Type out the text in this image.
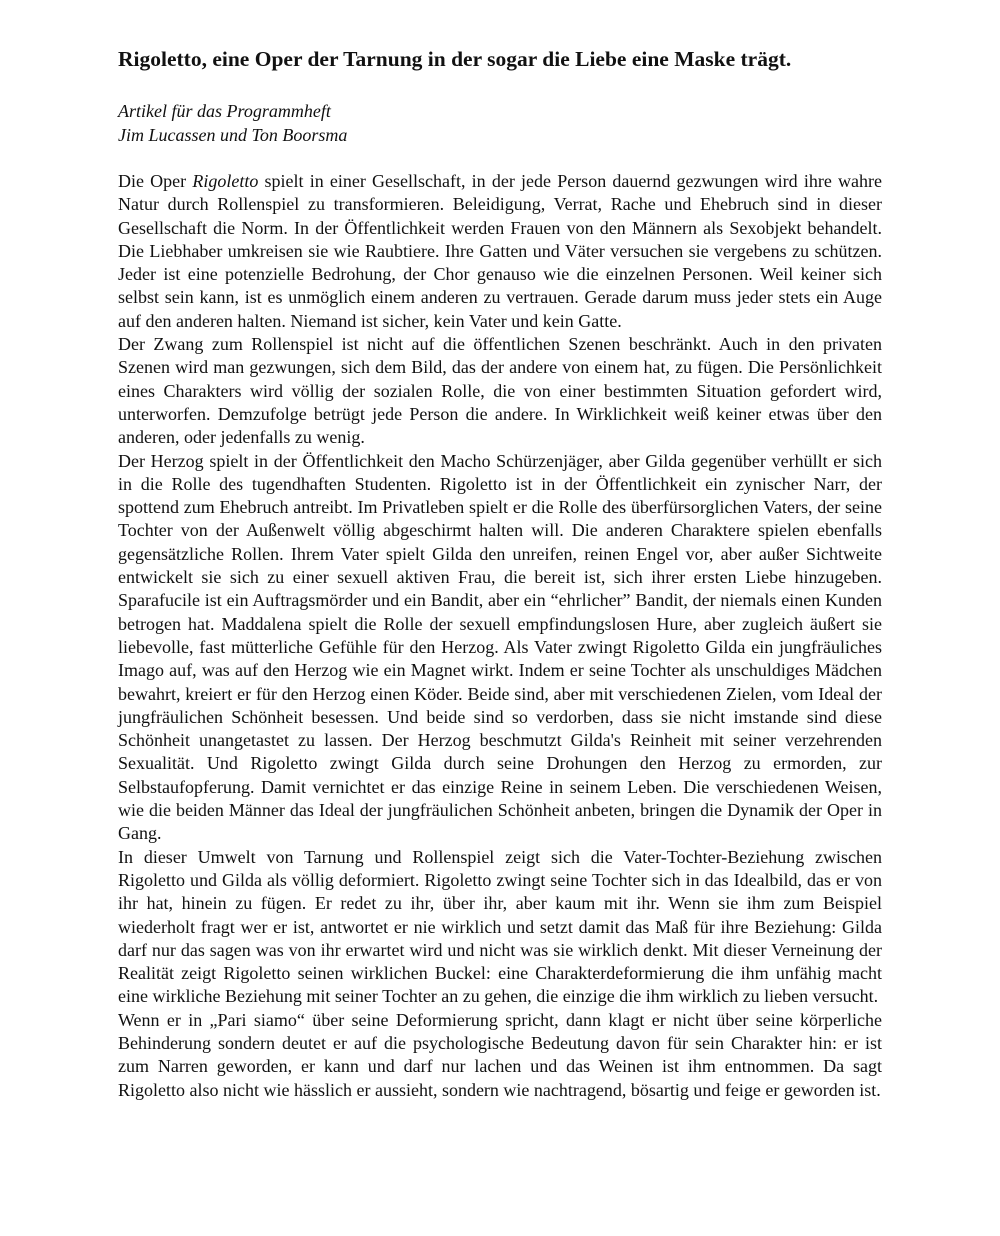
Rigoletto, eine Oper der Tarnung in der sogar die Liebe eine Maske trägt.
Artikel für das Programmheft
Jim Lucassen und Ton Boorsma

Die Oper Rigoletto spielt in einer Gesellschaft, in der jede Person dauernd gezwungen wird ihre wahre Natur durch Rollenspiel zu transformieren. Beleidigung, Verrat, Rache und Ehebruch sind in dieser Gesellschaft die Norm. In der Öffentlichkeit werden Frauen von den Männern als Sexobjekt behandelt. Die Liebhaber umkreisen sie wie Raubtiere. Ihre Gatten und Väter versuchen sie vergebens zu schützen. Jeder ist eine potenzielle Bedrohung, der Chor genauso wie die einzelnen Personen. Weil keiner sich selbst sein kann, ist es unmöglich einem anderen zu vertrauen. Gerade darum muss jeder stets ein Auge auf den anderen halten. Niemand ist sicher, kein Vater und kein Gatte.

Der Zwang zum Rollenspiel ist nicht auf die öffentlichen Szenen beschränkt. Auch in den privaten Szenen wird man gezwungen, sich dem Bild, das der andere von einem hat, zu fügen. Die Persönlichkeit eines Charakters wird völlig der sozialen Rolle, die von einer bestimmten Situation gefordert wird, unterworfen. Demzufolge betrügt jede Person die andere. In Wirklichkeit weiß keiner etwas über den anderen, oder jedenfalls zu wenig.

Der Herzog spielt in der Öffentlichkeit den Macho Schürzenjäger, aber Gilda gegenüber verhüllt er sich in die Rolle des tugendhaften Studenten. Rigoletto ist in der Öffentlichkeit ein zynischer Narr, der spottend zum Ehebruch antreibt. Im Privatleben spielt er die Rolle des überfürsorglichen Vaters, der seine Tochter von der Außenwelt völlig abgeschirmt halten will. Die anderen Charaktere spielen ebenfalls gegensätzliche Rollen. Ihrem Vater spielt Gilda den unreifen, reinen Engel vor, aber außer Sichtweite entwickelt sie sich zu einer sexuell aktiven Frau, die bereit ist, sich ihrer ersten Liebe hinzugeben. Sparafucile ist ein Auftragsmörder und ein Bandit, aber ein “ehrlicher” Bandit, der niemals einen Kunden betrogen hat. Maddalena spielt die Rolle der sexuell empfindungslosen Hure, aber zugleich äußert sie liebevolle, fast mütterliche Gefühle für den Herzog. Als Vater zwingt Rigoletto Gilda ein jungfräuliches Imago auf, was auf den Herzog wie ein Magnet wirkt. Indem er seine Tochter als unschuldiges Mädchen bewahrt, kreiert er für den Herzog einen Köder. Beide sind, aber mit verschiedenen Zielen, vom Ideal der jungfräulichen Schönheit besessen. Und beide sind so verdorben, dass sie nicht imstande sind diese Schönheit unangetastet zu lassen. Der Herzog beschmutzt Gilda's Reinheit mit seiner verzehrenden Sexualität. Und Rigoletto zwingt Gilda durch seine Drohungen den Herzog zu ermorden, zur Selbstaufopferung. Damit vernichtet er das einzige Reine in seinem Leben. Die verschiedenen Weisen, wie die beiden Männer das Ideal der jungfräulichen Schönheit anbeten, bringen die Dynamik der Oper in Gang.

In dieser Umwelt von Tarnung und Rollenspiel zeigt sich die Vater-Tochter-Beziehung zwischen Rigoletto und Gilda als völlig deformiert. Rigoletto zwingt seine Tochter sich in das Idealbild, das er von ihr hat, hinein zu fügen. Er redet zu ihr, über ihr, aber kaum mit ihr. Wenn sie ihm zum Beispiel wiederholt fragt wer er ist, antwortet er nie wirklich und setzt damit das Maß für ihre Beziehung: Gilda darf nur das sagen was von ihr erwartet wird und nicht was sie wirklich denkt. Mit dieser Verneinung der Realität zeigt Rigoletto seinen wirklichen Buckel: eine Charakterdeformierung die ihm unfähig macht eine wirkliche Beziehung mit seiner Tochter an zu gehen, die einzige die ihm wirklich zu lieben versucht.

Wenn er in „Pari siamo“ über seine Deformierung spricht, dann klagt er nicht über seine körperliche Behinderung sondern deutet er auf die psychologische Bedeutung davon für sein Charakter hin: er ist zum Narren geworden, er kann und darf nur lachen und das Weinen ist ihm entnommen. Da sagt Rigoletto also nicht wie hässlich er aussieht, sondern wie nachtragend, bösartig und feige er geworden ist.
